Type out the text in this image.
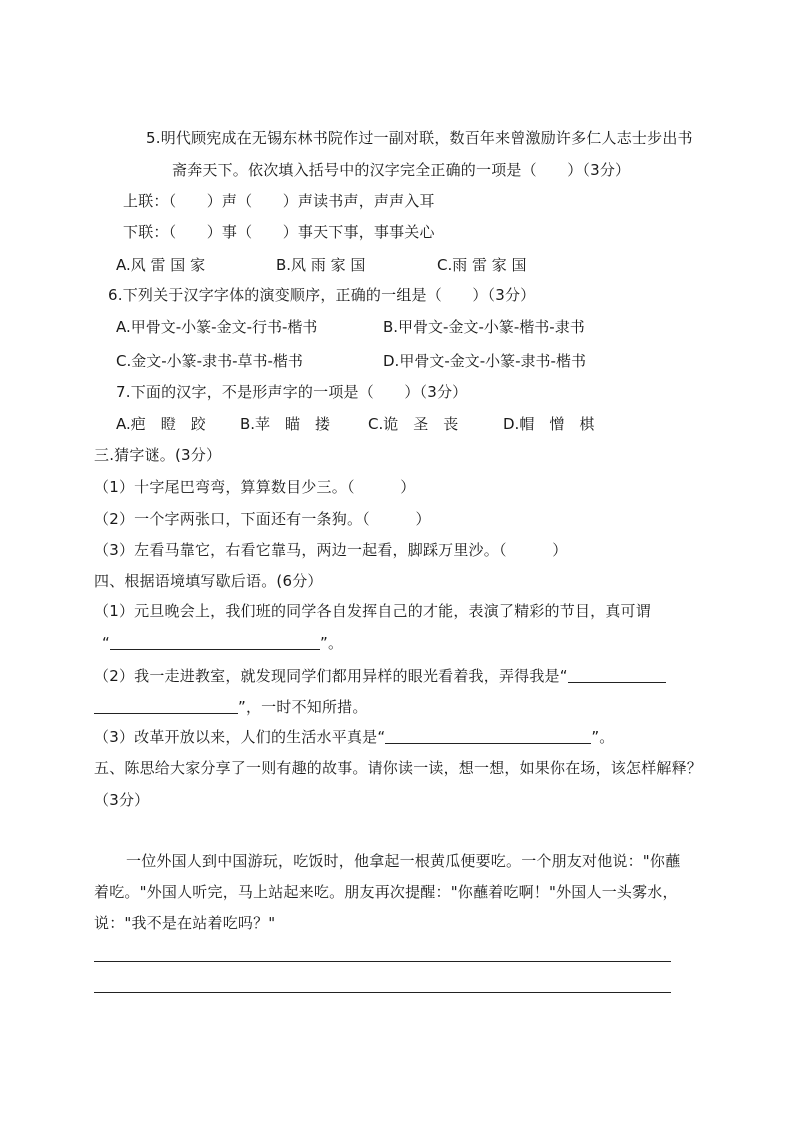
5.明代顾宪成在无锡东林书院作过一副对联，数百年来曾激励许多仁人志士步出书
斋奔天下。依次填入括号中的汉字完全正确的一项是（　　）（3分）
上联：（　　）声（　　）声读书声，声声入耳
下联：（　　）事（　　）事天下事，事事关心
A.风 雷 国 家	B.风 雨 家 国	C.雨 雷 家 国
6.下列关于汉字字体的演变顺序，正确的一组是（　　）（3分）
A.甲骨文-小篆-金文-行书-楷书	B.甲骨文-金文-小篆-楷书-隶书
C.金文-小篆-隶书-草书-楷书	D.甲骨文-金文-小篆-隶书-楷书
7.下面的汉字，不是形声字的一项是（　　）（3分）
A.疤　瞪　跤 B.苹　瞄　搂	C.诡　圣　丧	D.帽　憎　棋
三.猜字谜。(3分）
（1）十字尾巴弯弯，算算数目少三。（　　　）
（2）一个字两张口，下面还有一条狗。（　　　）
（3）左看马靠它，右看它靠马，两边一起看，脚踩万里沙。（　　　）
四、根据语境填写歇后语。(6分）
（1）元旦晚会上，我们班的同学各自发挥自己的才能，表演了精彩的节目，真可谓
“	”。
（2）我一走进教室，就发现同学们都用异样的眼光看着我，弄得我是“
”，一时不知所措。
（3）改革开放以来，人们的生活水平真是“	”。
五、陈思给大家分享了一则有趣的故事。请你读一读，想一想，如果你在场，该怎样解释？
（3分）
一位外国人到中国游玩，吃饭时，他拿起一根黄瓜便要吃。一个朋友对他说："你蘸
着吃。"外国人听完，马上站起来吃。朋友再次提醒："你蘸着吃啊！"外国人一头雾水，
说："我不是在站着吃吗？"
